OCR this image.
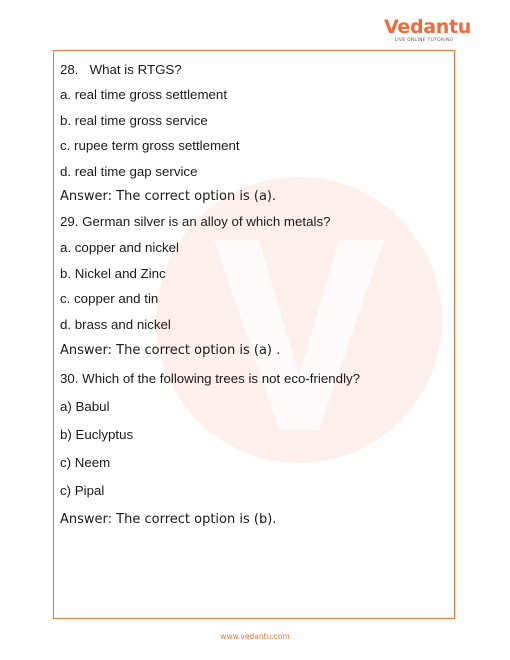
Vedantu
LIVE ONLINE TUTORING
28.   What is RTGS?
a. real time gross settlement
b. real time gross service
c. rupee term gross settlement
d. real time gap service
Answer: The correct option is (a).
29. German silver is an alloy of which metals?
a. copper and nickel
b. Nickel and Zinc
c. copper and tin
d. brass and nickel
Answer: The correct option is (a) .
30. Which of the following trees is not eco-friendly?
a) Babul
b) Euclyptus
c) Neem
c) Pipal
Answer: The correct option is (b).
www.vedantu.com
